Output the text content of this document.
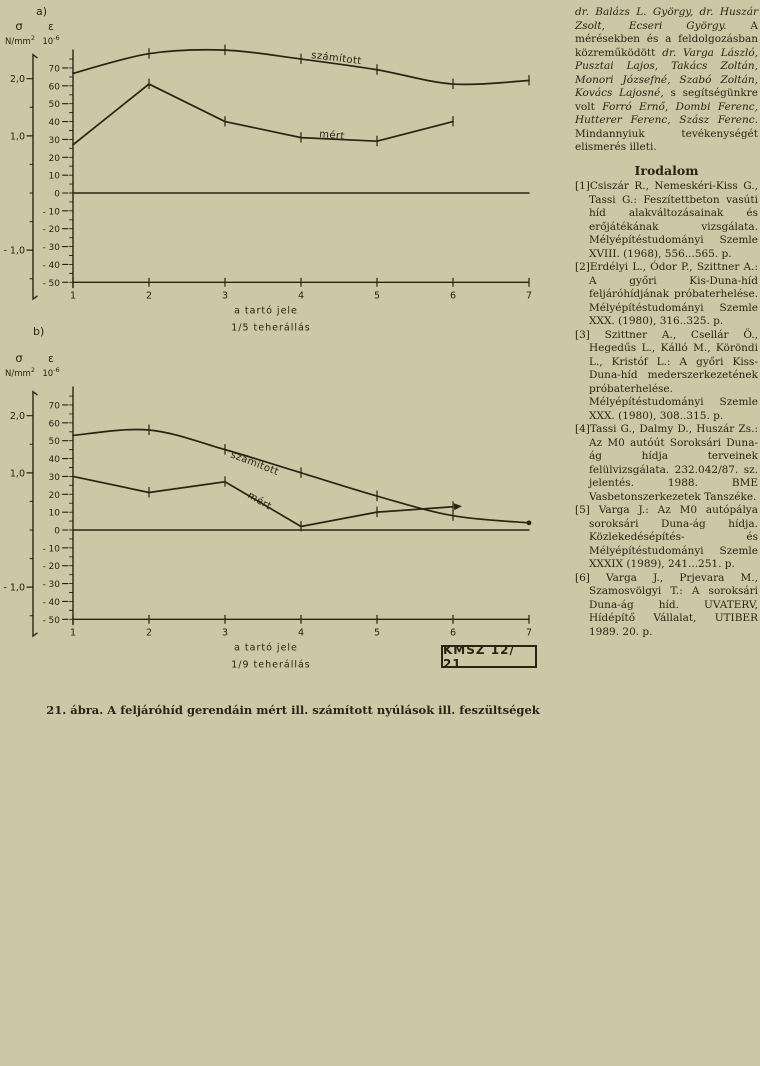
a)
σ
$N/mm^2$
2,0
1,0
- 1,0
ε
$10^{-6}$
70
60
50
40
30
20
10
0
- 10
- 20
- 30
- 40
- 50
1	2	3	4	5	6	7
a tartó jele
1/5 teherállás
számított
mért
b)
σ
$N/mm^2$
2,0
1,0
- 1,0
ε
$10^{-6}$
70
60
50
40
30
20
10
0
- 10
- 20
- 30
- 40
- 50
1	2	3	4	5	6	7
a tartó jele
1/9 teherállás
számított
mért
KMSZ 12/ 21
21. ábra. A feljáróhíd gerendáin mért ill. számított nyúlások ill. feszültségek

dr. Balázs L. György, dr. Huszár Zsolt, Ecseri György. A mérésekben és a feldolgozásban közreműködött dr. Varga László, Pusztai Lajos, Takács Zoltán, Monori Józsefné, Szabó Zoltán, Kovács Lajosné, s segítségünkre volt Forró Ernő, Dombi Ferenc, Hutterer Ferenc, Szász Ferenc. Mindannyiuk tevékenységét elismerés illeti.

Irodalom

[1]Csiszár R., Nemeskéri-Kiss G., Tassi G.: Feszítettbeton vasúti híd alakváltozásainak és erőjátékának vizsgálata. Mélyépítéstudományi Szemle XVIII. (1968), 556...565. p.

[2]Erdélyi L., Ódor P., Szittner A.: A győri Kis-Duna-híd feljáróhídjának próbaterhelése. Mélyépítéstudományi Szemle XXX. (1980), 316..325. p.

[3] Szittner A., Csellár Ö., Hegedűs L., Kálló M., Köröndi L., Kristóf L.: A győri Kiss-Duna-híd mederszerkezetének próbaterhelése. Mélyépítéstudományi Szemle XXX. (1980), 308..315. p.

[4]Tassi G., Dalmy D., Huszár Zs.: Az M0 autóút Soroksári Duna-ág hídja terveinek felülvizsgálata. 232.042/87. sz. jelentés. 1988. BME Vasbetonszerkezetek Tanszéke.

[5] Varga J.: Az M0 autópálya soroksári Duna-ág hídja. Közlekedésépítés- és Mélyépítéstudományi Szemle XXXIX (1989), 241...251. p.

[6] Varga J., Prjevara M., Szamosvölgyi T.: A soroksári Duna-ág híd. UVATERV, Hídépítő Vállalat, UTIBER 1989. 20. p.
